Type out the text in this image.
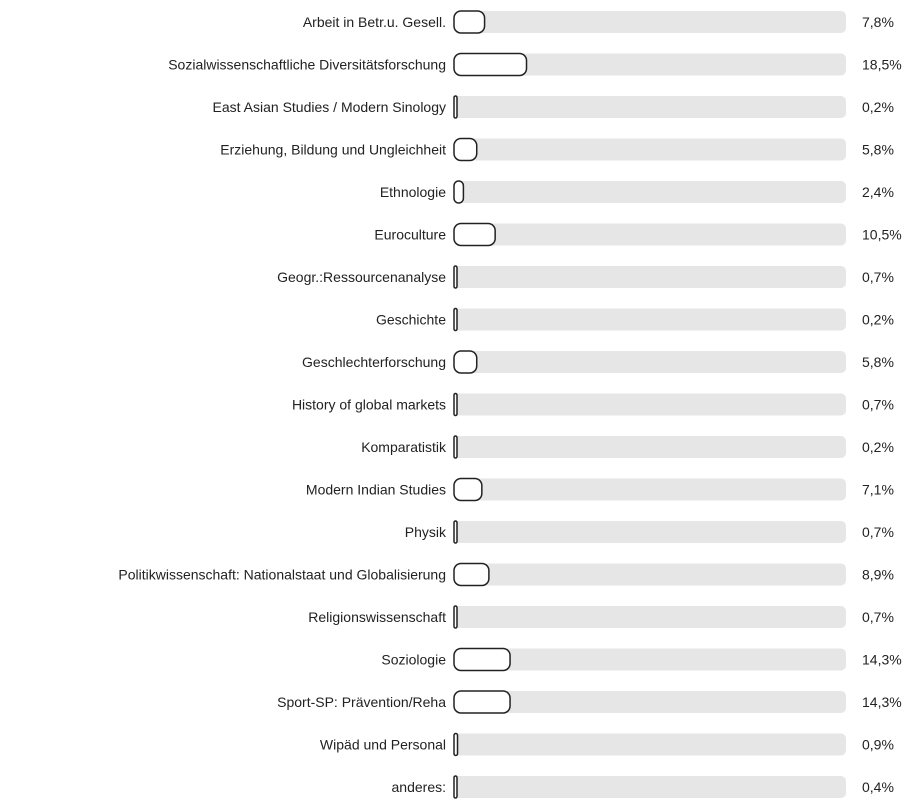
Arbeit in Betr.u. Gesell.	7,8%
Sozialwissenschaftliche Diversitätsforschung	18,5%
East Asian Studies / Modern Sinology	0,2%
Erziehung, Bildung und Ungleichheit	5,8%
Ethnologie	2,4%
Euroculture	10,5%
Geogr.:Ressourcenanalyse	0,7%
Geschichte	0,2%
Geschlechterforschung	5,8%
History of global markets	0,7%
Komparatistik	0,2%
Modern Indian Studies	7,1%
Physik	0,7%
Politikwissenschaft: Nationalstaat und Globalisierung	8,9%
Religionswissenschaft	0,7%
Soziologie	14,3%
Sport-SP: Prävention/Reha	14,3%
Wipäd und Personal	0,9%
anderes:	0,4%
